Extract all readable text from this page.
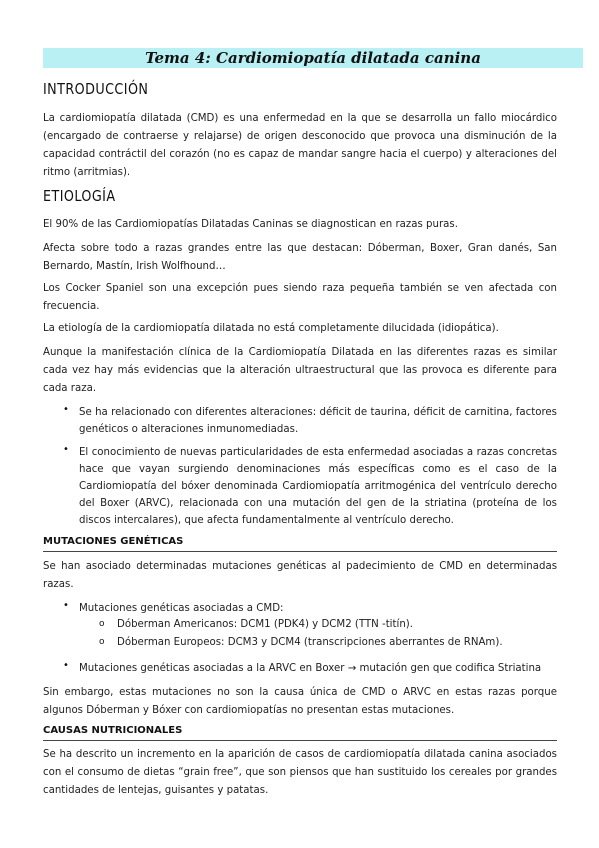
Tema 4: Cardiomiopatía dilatada canina
INTRODUCCIÓN
La cardiomiopatía dilatada (CMD) es una enfermedad en la que se desarrolla un fallo miocárdico (encargado de contraerse y relajarse) de origen desconocido que provoca una disminución de la capacidad contráctil del corazón (no es capaz de mandar sangre hacia el cuerpo) y alteraciones del ritmo (arritmias).
ETIOLOGÍA
El 90% de las Cardiomiopatías Dilatadas Caninas se diagnostican en razas puras.
Afecta sobre todo a razas grandes entre las que destacan: Dóberman, Boxer, Gran danés, San Bernardo, Mastín, Irish Wolfhound…
Los Cocker Spaniel son una excepción pues siendo raza pequeña también se ven afectada con frecuencia.
La etiología de la cardiomiopatía dilatada no está completamente dilucidada (idiopática).
Aunque la manifestación clínica de la Cardiomiopatía Dilatada en las diferentes razas es similar cada vez hay más evidencias que la alteración ultraestructural que las provoca es diferente para cada raza.
• Se ha relacionado con diferentes alteraciones: déficit de taurina, déficit de carnitina, factores genéticos o alteraciones inmunomediadas.
• El conocimiento de nuevas particularidades de esta enfermedad asociadas a razas concretas hace que vayan surgiendo denominaciones más específicas como es el caso de la Cardiomiopatía del bóxer denominada Cardiomiopatía arritmogénica del ventrículo derecho del Boxer (ARVC), relacionada con una mutación del gen de la striatina (proteína de los discos intercalares), que afecta fundamentalmente al ventrículo derecho.
MUTACIONES GENÉTICAS
Se han asociado determinadas mutaciones genéticas al padecimiento de CMD en determinadas razas.
• Mutaciones genéticas asociadas a CMD:
o Dóberman Americanos: DCM1 (PDK4) y DCM2 (TTN -titín).
o Dóberman Europeos: DCM3 y DCM4 (transcripciones aberrantes de RNAm).
• Mutaciones genéticas asociadas a la ARVC en Boxer → mutación gen que codifica Striatina
Sin embargo, estas mutaciones no son la causa única de CMD o ARVC en estas razas porque algunos Dóberman y Bóxer con cardiomiopatías no presentan estas mutaciones.
CAUSAS NUTRICIONALES
Se ha descrito un incremento en la aparición de casos de cardiomiopatía dilatada canina asociados con el consumo de dietas “grain free”, que son piensos que han sustituido los cereales por grandes cantidades de lentejas, guisantes y patatas.
